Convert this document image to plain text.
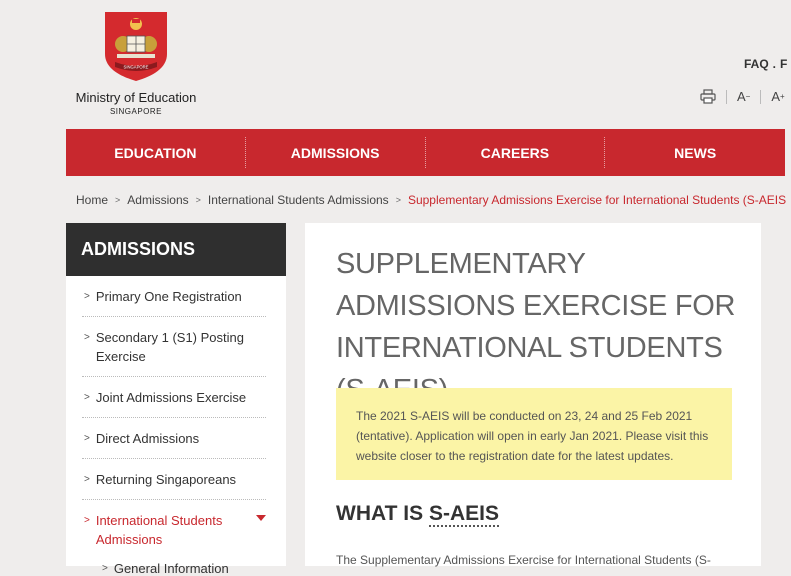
SINGAPORE
Ministry of Education
SINGAPORE
FAQ . F
A − A +
EDUCATION	ADMISSIONS	CAREERS	NEWS
Home > Admissions > International Students Admissions > Supplementary Admissions Exercise for International Students (S-AEIS
ADMISSIONS
> Primary One Registration
> Secondary 1 (S1) Posting Exercise
> Joint Admissions Exercise
> Direct Admissions
> Returning Singaporeans
> International Students Admissions
> General Information
SUPPLEMENTARY ADMISSIONS EXERCISE FOR INTERNATIONAL STUDENTS
The 2021 S-AEIS will be conducted on 23, 24 and 25 Feb 2021 (tentative). Application will open in early Jan 2021. Please visit this website closer to the registration date for the latest updates.
WHAT IS S-AEIS

The Supplementary Admissions Exercise for International Students (S-
